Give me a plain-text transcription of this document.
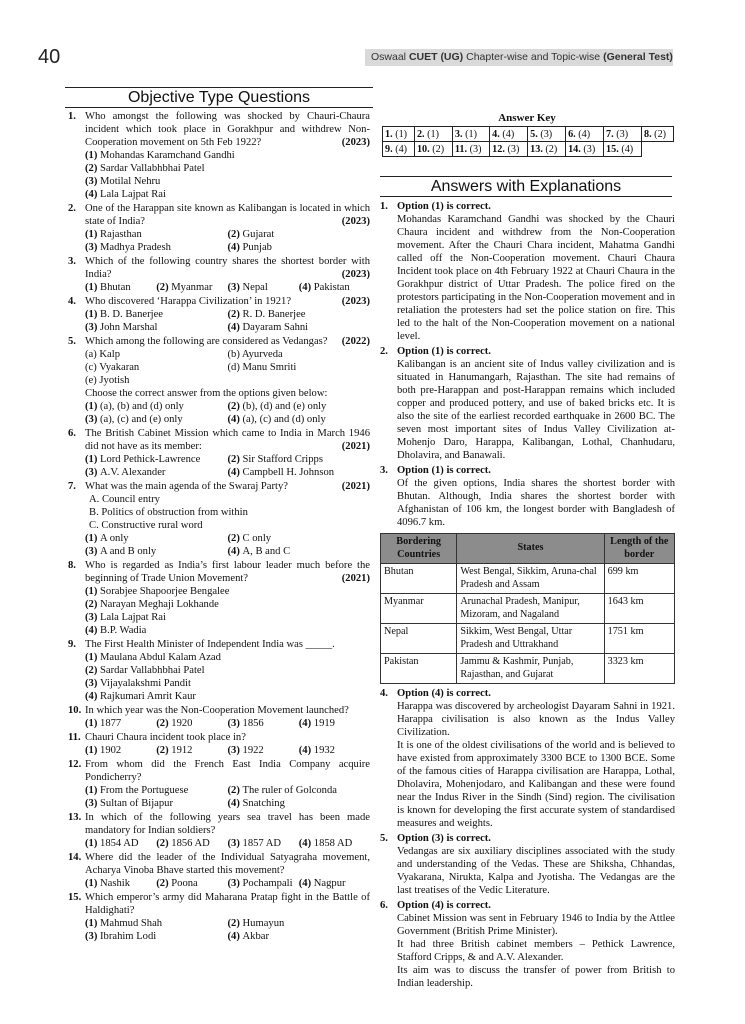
40	Oswaal CUET (UG) Chapter-wise and Topic-wise (General Test)
Objective Type Questions
1. Who amongst the following was shocked by Chauri-Chaura incident which took place in Gorakhpur and withdrew Non-Cooperation movement on 5th Feb 1922?	(2023)
(1) Mohandas Karamchand Gandhi
(2) Sardar Vallabhbhai Patel
(3) Motilal Nehru
(4) Lala Lajpat Rai
2. One of the Harappan site known as Kalibangan is located in which state of India?	(2023)
(1) Rajasthan	(2) Gujarat
(3) Madhya Pradesh	(4) Punjab
3. Which of the following country shares the shortest border with India?	(2023)
(1) Bhutan	(2) Myanmar	(3) Nepal	(4) Pakistan
4. Who discovered ‘Harappa Civilization’ in 1921?	(2023)
(1) B. D. Banerjee	(2) R. D. Banerjee
(3) John Marshal	(4) Dayaram Sahni
5. Which among the following are considered as Vedangas? (2022)
(a) Kalp	(b) Ayurveda
(c) Vyakaran	(d) Manu Smriti
(e) Jyotish
Choose the correct answer from the options given below:
(1) (a), (b) and (d) only	(2) (b), (d) and (e) only
(3) (a), (c) and (e) only	(4) (a), (c) and (d) only
6. The British Cabinet Mission which came to India in March 1946 did not have as its member:	(2021)
(1) Lord Pethick-Lawrence	(2) Sir Stafford Cripps
(3) A.V. Alexander	(4) Campbell H. Johnson
7. What was the main agenda of the Swaraj Party?	(2021)
A. Council entry
B. Politics of obstruction from within
C. Constructive rural word
(1) A only	(2) C only
(3) A and B only	(4) A, B and C
8. Who is regarded as India’s first labour leader much before the beginning of Trade Union Movement?	(2021)
(1) Sorabjee Shapoorjee Bengalee
(2) Narayan Meghaji Lokhande
(3) Lala Lajpat Rai
(4) B.P. Wadia
9. The First Health Minister of Independent India was _____.
(1) Maulana Abdul Kalam Azad
(2) Sardar Vallabhbhai Patel
(3) Vijayalakshmi Pandit
(4) Rajkumari Amrit Kaur
10. In which year was the Non-Cooperation Movement launched?
(1) 1877	(2) 1920	(3) 1856	(4) 1919
11. Chauri Chaura incident took place in?
(1) 1902	(2) 1912	(3) 1922	(4) 1932
12. From whom did the French East India Company acquire Pondicherry?
(1) From the Portuguese	(2) The ruler of Golconda
(3) Sultan of Bijapur	(4) Snatching
13. In which of the following years sea travel has been made mandatory for Indian soldiers?
(1) 1854 AD	(2) 1856 AD	(3) 1857 AD	(4) 1858 AD
14. Where did the leader of the Individual Satyagraha movement, Acharya Vinoba Bhave started this movement?
(1) Nashik	(2) Poona	(3) Pochampali (4) Nagpur
15. Which emperor’s army did Maharana Pratap fight in the Battle of Haldighati?
(1) Mahmud Shah	(2) Humayun
(3) Ibrahim Lodi	(4) Akbar
Answer Key
1. (1)	2. (1)	3. (1)	4. (4)	5. (3)	6. (4)	7. (3)	8. (2)
9. (4)	10. (2)	11. (3)	12. (3)	13. (2)	14. (3)	15. (4)	
Answers with Explanations
1. Option (1) is correct.

Mohandas Karamchand Gandhi was shocked by the Chauri Chaura incident and withdrew from the Non-Cooperation movement. After the Chauri Chara incident, Mahatma Gandhi called off the Non-Cooperation movement. Chauri Chaura Incident took place on 4th February 1922 at Chauri Chaura in the Gorakhpur district of Uttar Pradesh. The police fired on the protestors participating in the Non-Cooperation movement and in retaliation the protesters had set the police station on fire. This led to the halt of the Non-Cooperation movement on a national level.

2. Option (1) is correct.

Kalibangan is an ancient site of Indus valley civilization and is situated in Hanumangarh, Rajasthan. The site had remains of both pre-Harappan and post-Harappan remains which included copper and produced pottery, and use of baked bricks etc. It is also the site of the earliest recorded earthquake in 2600 BC. The seven most important sites of Indus Valley Civilization at-Mohenjo Daro, Harappa, Kalibangan, Lothal, Chanhudaru, Dholavira, and Banawali.

3. Option (1) is correct.

Of the given options, India shares the shortest border with Bhutan. Although, India shares the shortest border with Afghanistan of 106 km, the longest border with Bangladesh of 4096.7 km.

Bordering Countries	States	Length of the border
Bhutan	West Bengal, Sikkim, Aruna-chal Pradesh and Assam	699 km
Myanmar	Arunachal Pradesh, Manipur, Mizoram, and Nagaland	1643 km
Nepal	Sikkim, West Bengal, Uttar Pradesh and Uttrakhand	1751 km
Pakistan	Jammu & Kashmir, Punjab, Rajasthan, and Gujarat	3323 km
4. Option (4) is correct.

Harappa was discovered by archeologist Dayaram Sahni in 1921. Harappa civilisation is also known as the Indus Valley Civilization.

It is one of the oldest civilisations of the world and is believed to have existed from approximately 3300 BCE to 1300 BCE. Some of the famous cities of Harappa civilisation are Harappa, Lothal, Dholavira, Mohenjodaro, and Kalibangan and these were found near the Indus River in the Sindh (Sind) region. The civilisation is known for developing the first accurate system of standardised measures and weights.

5. Option (3) is correct.

Vedangas are six auxiliary disciplines associated with the study and understanding of the Vedas. These are Shiksha, Chhandas, Vyakarana, Nirukta, Kalpa and Jyotisha. The Vedangas are the last treatises of the Vedic Literature.

6. Option (4) is correct.

Cabinet Mission was sent in February 1946 to India by the Attlee Government (British Prime Minister).

It had three British cabinet members – Pethick Lawrence, Stafford Cripps, & and A.V. Alexander.

Its aim was to discuss the transfer of power from British to Indian leadership.
